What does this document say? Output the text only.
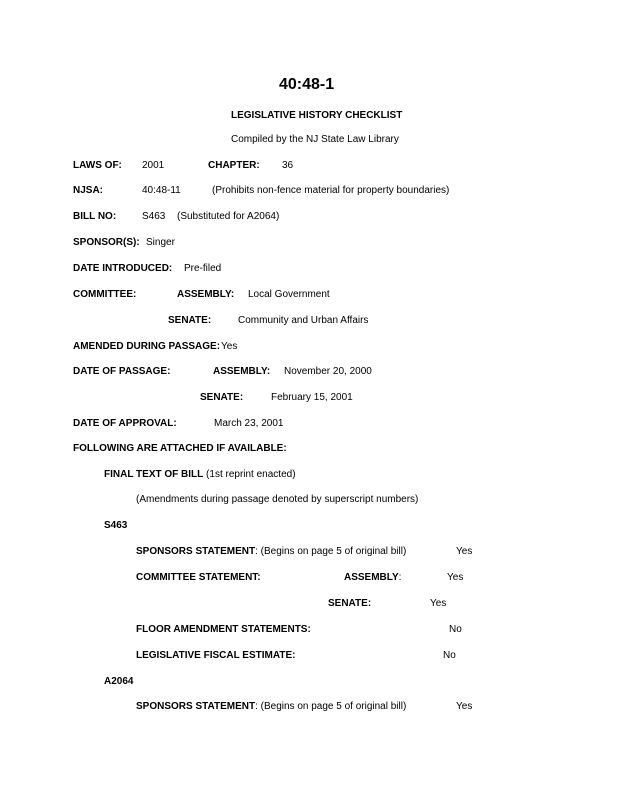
40:48-1
LEGISLATIVE HISTORY CHECKLIST
Compiled by the NJ State Law Library
LAWS OF: 2001	CHAPTER: 36
NJSA:	40:48-11	(Prohibits non-fence material for property boundaries)
BILL NO:	S463 (Substituted for A2064)
SPONSOR(S): Singer
DATE INTRODUCED: Pre-filed
COMMITTEE:	ASSEMBLY: Local Government
SENATE:	Community and Urban Affairs
AMENDED DURING PASSAGE: Yes
DATE OF PASSAGE:	ASSEMBLY: November 20, 2000
SENATE:	February 15, 2001
DATE OF APPROVAL:	March 23, 2001
FOLLOWING ARE ATTACHED IF AVAILABLE:
FINAL TEXT OF BILL (1st reprint enacted)
(Amendments during passage denoted by superscript numbers)
S463
SPONSORS STATEMENT: (Begins on page 5 of original bill)	Yes
COMMITTEE STATEMENT:	ASSEMBLY:	Yes
SENATE:	Yes
FLOOR AMENDMENT STATEMENTS:	No
LEGISLATIVE FISCAL ESTIMATE:	No
A2064
SPONSORS STATEMENT: (Begins on page 5 of original bill)	Yes
